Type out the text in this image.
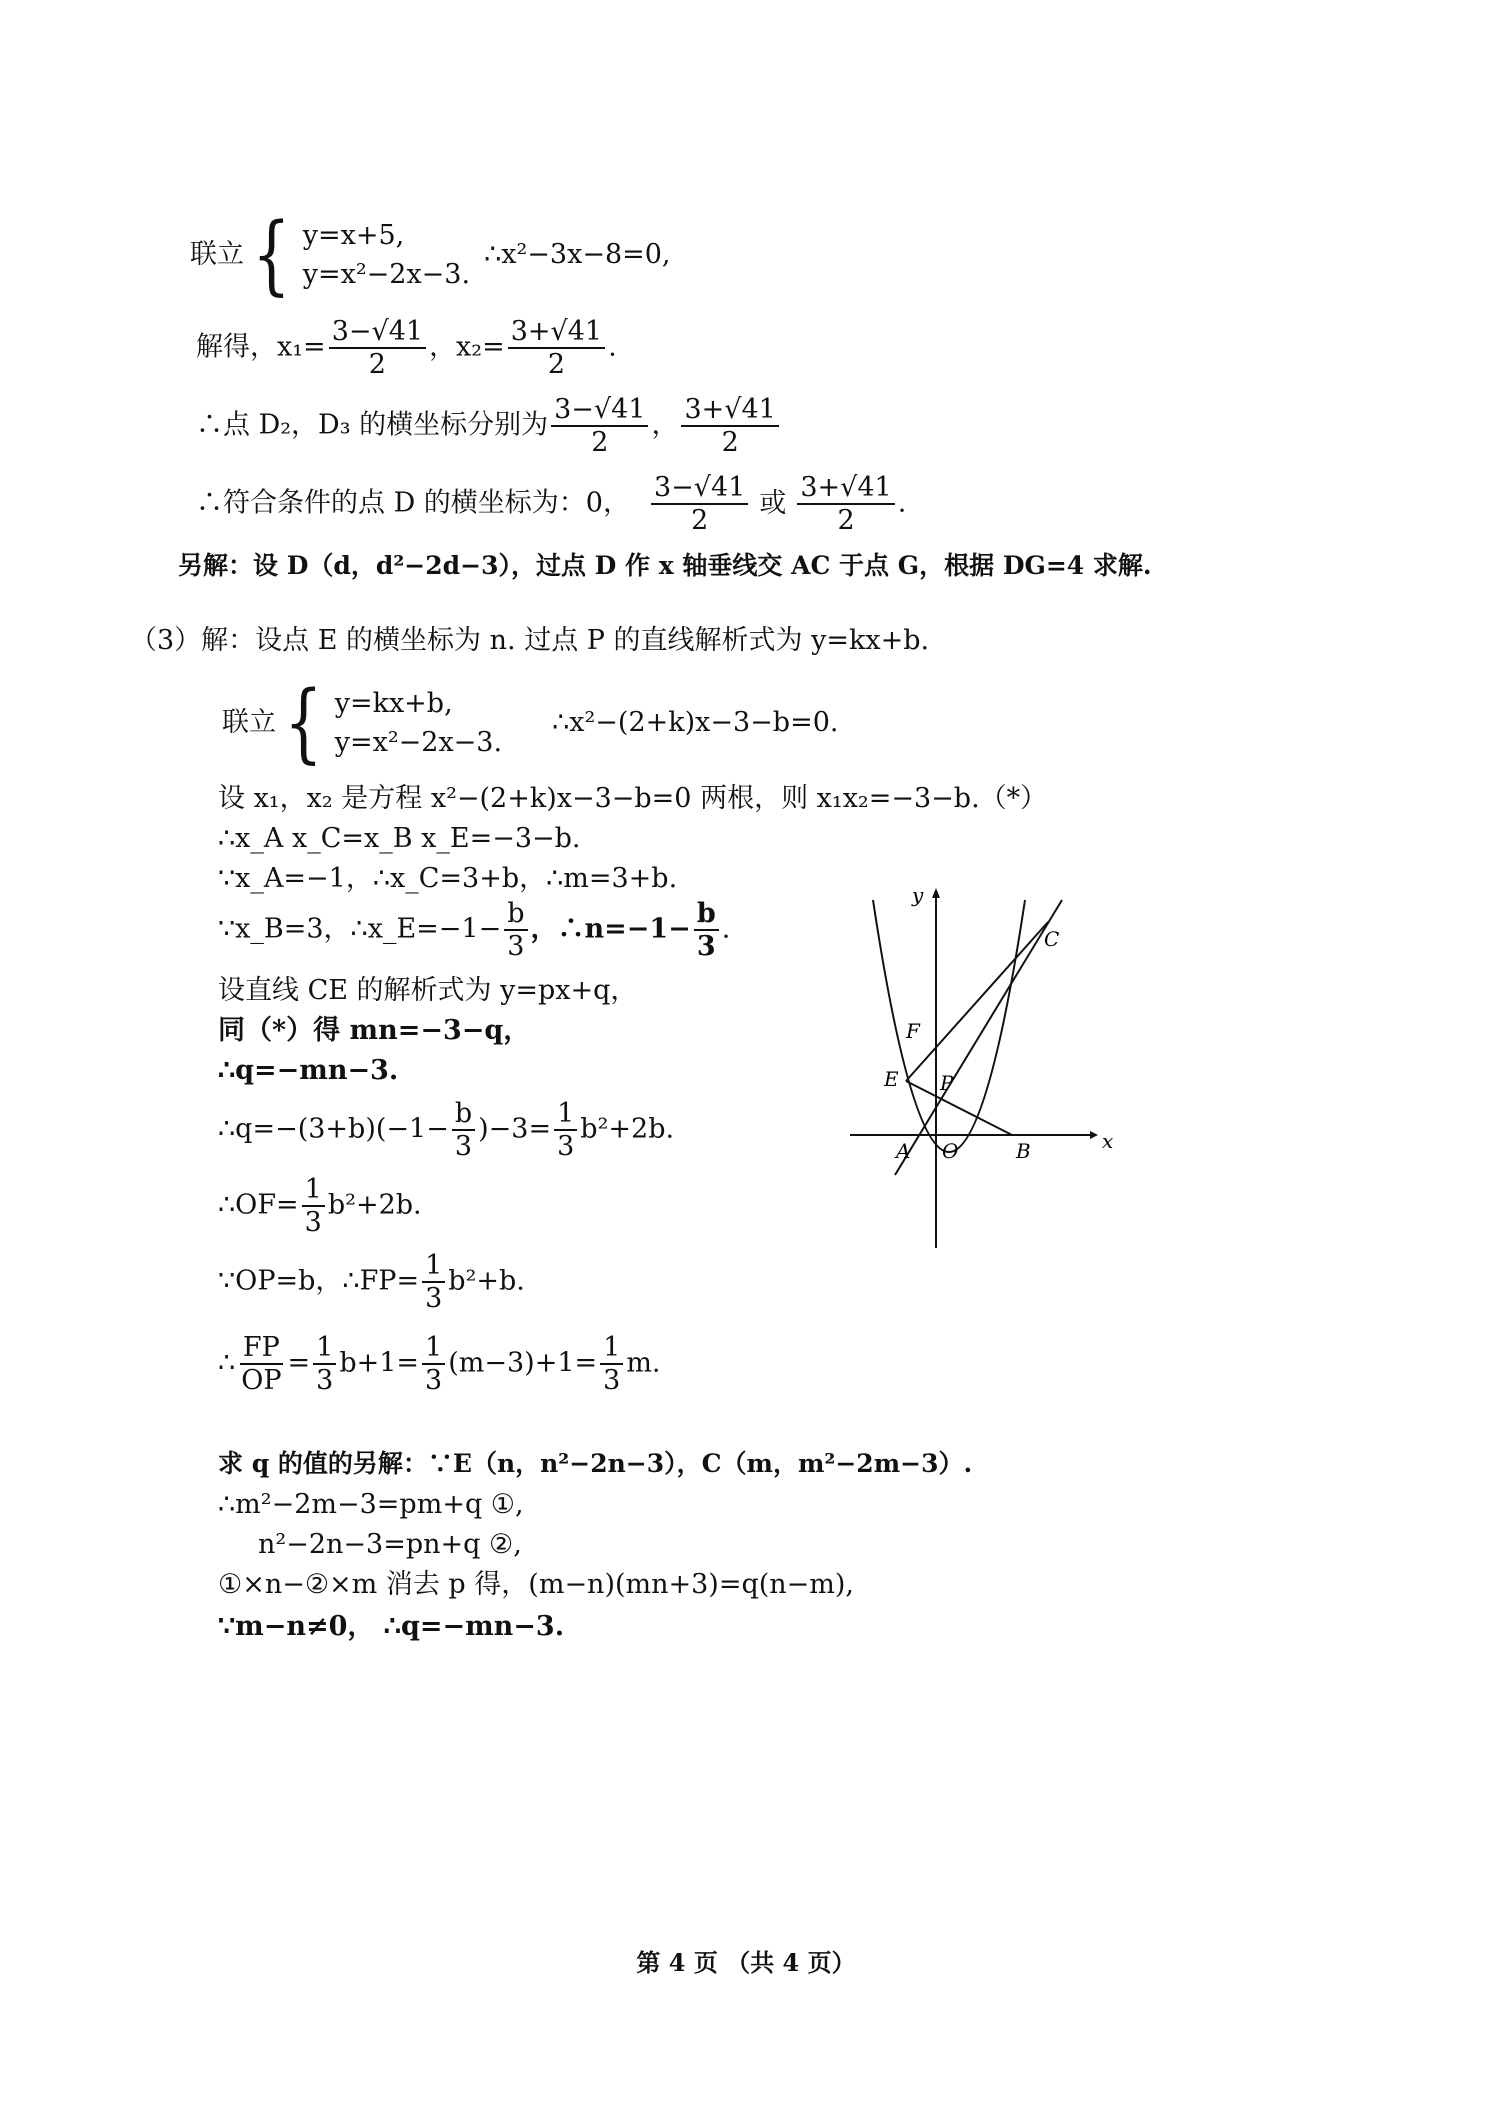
联立 { y=x+5,
y=x²−2x−3.
∴x²−3x−8=0,
解得，$x_1= \frac{3-√41}{2}$ ，$x_2= \frac{3+√41}{2}$ .
∴点 D₂，D₃ 的横坐标分别为 $\frac{3-√41}{2}$ ， $\frac{3+√41}{2}$
∴符合条件的点 D 的横坐标为：0， $\frac{3-√41}{2}$ 或 $\frac{3+√41}{2}$ .
另解：设 D（d，d²−2d−3），过点 D 作 x 轴垂线交 AC 于点 G，根据 DG=4 求解.
（3）解：设点 E 的横坐标为 n. 过点 P 的直线解析式为 y=kx+b.
联立 { y=kx+b,
y=x²−2x−3.
∴x²−(2+k)x−3−b=0.
设 x₁，x₂ 是方程 x²−(2+k)x−3−b=0 两根，则 x₁x₂=−3−b.（*）
∴x_A x_C=x_B x_E=−3−b.
∵x_A=−1，∴x_C=3+b，∴m=3+b.
∵x_B=3，∴x_E=−1− $\frac{b}{3}$ ，∴n=−1− $\frac{b}{3}$ .
设直线 CE 的解析式为 y=px+q，
同（*）得 mn=−3−q，
∴q=−mn−3.
∴q=−(3+b)(−1− $\frac{b}{3} )-3= \frac{1}{3} b^2+2b$.
∴OF= $\frac{1}{3} b^2+2b$.
∵OP=b，∴FP= $\frac{1}{3} b^2+b$.
∴ $\frac{FP}{OP} = \frac{1}{3} b+1= \frac{1}{3} (m-3)+1= \frac{1}{3} m$.
求 q 的值的另解：∵E（n，n²−2n−3），C（m，m²−2m−3）.
∴m²−2m−3=pm+q ①,
n²−2n−3=pn+q ②,
①×n−②×m 消去 p 得，(m−n)(mn+3)=q(n−m),
∵m−n≠0， ∴q=−mn−3.
y
x
C
F
E P
A O	B
第 4 页 （共 4 页）
